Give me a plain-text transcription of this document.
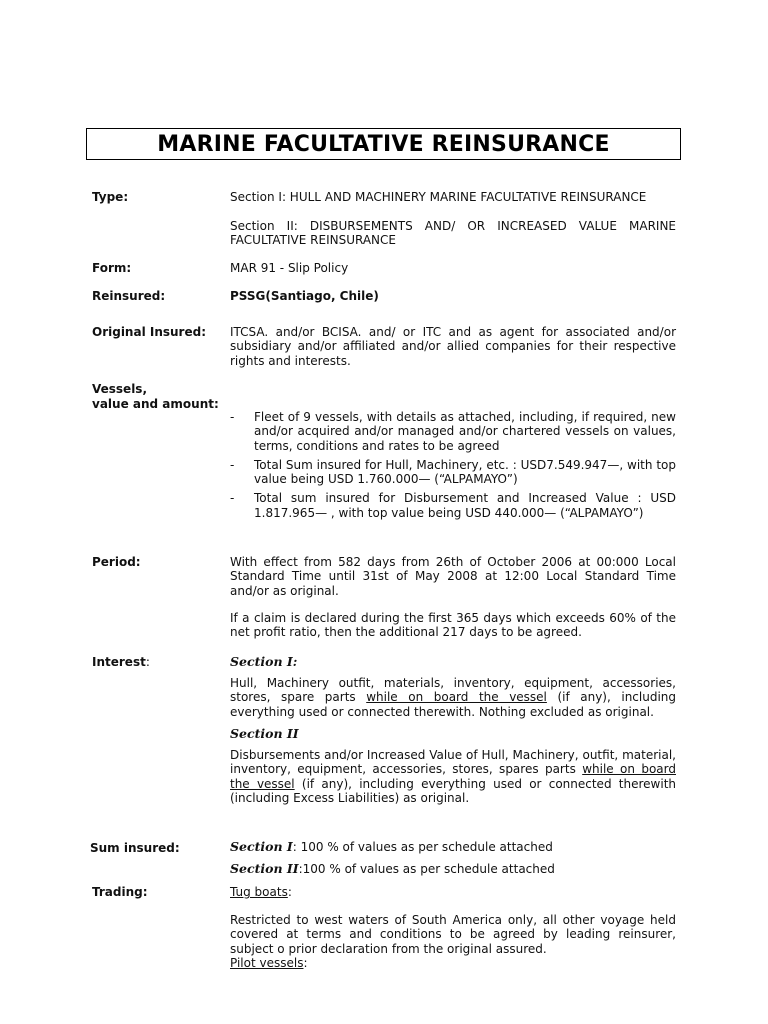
MARINE FACULTATIVE REINSURANCE
Type:	Section I: HULL AND MACHINERY MARINE FACULTATIVE REINSURANCE
Section II: DISBURSEMENTS AND/ OR INCREASED VALUE MARINE FACULTATIVE REINSURANCE
Form:	MAR 91 - Slip Policy
Reinsured:	PSSG(Santiago, Chile)
Original Insured: ITCSA. and/or BCISA. and/ or ITC and as agent for associated and/or subsidiary and/or affiliated and/or allied companies for their respective rights and interests.
Vessels,
value and amount:
- Fleet of 9 vessels, with details as attached, including, if required, new and/or acquired and/or managed and/or chartered vessels on values, terms, conditions and rates to be agreed
- Total Sum insured for Hull, Machinery, etc. : USD7.549.947—, with top value being USD 1.760.000— (“ALPAMAYO”)
- Total sum insured for Disbursement and Increased Value : USD 1.817.965— , with top value being USD 440.000— (“ALPAMAYO”)
Period:	With effect from 582 days from 26th of October 2006 at 00:000 Local Standard Time until 31st of May 2008 at 12:00 Local Standard Time and/or as original.
If a claim is declared during the first 365 days which exceeds 60% of the net profit ratio, then the additional 217 days to be agreed.
Interest:	Section I:
Hull, Machinery outfit, materials, inventory, equipment, accessories, stores, spare parts while on board the vessel (if any), including everything used or connected therewith. Nothing excluded as original.
Section II
Disbursements and/or Increased Value of Hull, Machinery, outfit, material, inventory, equipment, accessories, stores, spares parts while on board the vessel (if any), including everything used or connected therewith (including Excess Liabilities) as original.
Sum insured:	Section I: 100 % of values as per schedule attached
Section II:100 % of values as per schedule attached
Trading:	Tug boats:
Restricted to west waters of South America only, all other voyage held covered at terms and conditions to be agreed by leading reinsurer, subject o prior declaration from the original assured.
Pilot vessels:
